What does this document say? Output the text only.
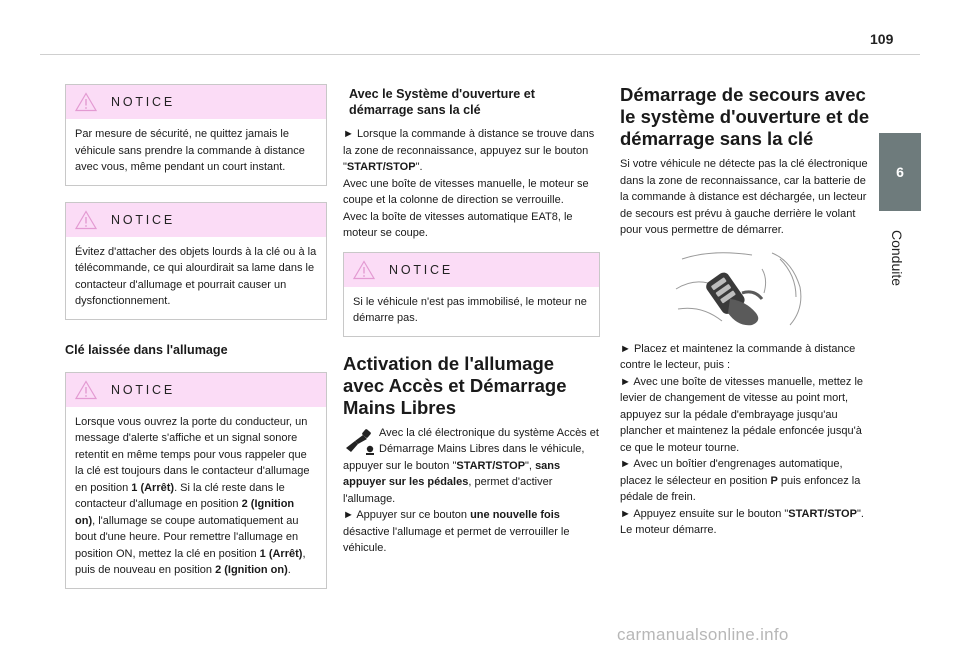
109
6
Conduite
NOTICE
Par mesure de sécurité, ne quittez jamais le véhicule sans prendre la commande à distance avec vous, même pendant un court instant.
NOTICE
Évitez d'attacher des objets lourds à la clé ou à la télécommande, ce qui alourdirait sa lame dans le contacteur d'allumage et pourrait causer un dysfonctionnement.
Clé laissée dans l'allumage
NOTICE
Lorsque vous ouvrez la porte du conducteur, un message d'alerte s'affiche et un signal sonore retentit en même temps pour vous rappeler que la clé est toujours dans le contacteur d'allumage en position 1 (Arrêt). Si la clé reste dans le contacteur d'allumage en position 2 (Ignition on), l'allumage se coupe automatiquement au bout d'une heure. Pour remettre l'allumage en position ON, mettez la clé en position 1 (Arrêt), puis de nouveau en position 2 (Ignition on).
Avec le Système d'ouverture et démarrage sans la clé

► Lorsque la commande à distance se trouve dans la zone de reconnaissance, appuyez sur le bouton "START/STOP".

Avec une boîte de vitesses manuelle, le moteur se coupe et la colonne de direction se verrouille.

Avec la boîte de vitesses automatique EAT8, le moteur se coupe.

NOTICE
Si le véhicule n'est pas immobilisé, le moteur ne démarre pas.
Activation de l'allumage avec Accès et Démarrage Mains Libres

Avec la clé électronique du système Accès et Démarrage Mains Libres dans le véhicule, appuyer sur le bouton "START/STOP", sans appuyer sur les pédales, permet d'activer l'allumage.

► Appuyer sur ce bouton une nouvelle fois désactive l'allumage et permet de verrouiller le véhicule.

Démarrage de secours avec le système d'ouverture et de démarrage sans la clé

Si votre véhicule ne détecte pas la clé électronique dans la zone de reconnaissance, car la batterie de la commande à distance est déchargée, un lecteur de secours est prévu à gauche derrière le volant pour vous permettre de démarrer.

► Placez et maintenez la commande à distance contre le lecteur, puis :

► Avec une boîte de vitesses manuelle, mettez le levier de changement de vitesse au point mort, appuyez sur la pédale d'embrayage jusqu'au plancher et maintenez la pédale enfoncée jusqu'à ce que le moteur tourne.

► Avec un boîtier d'engrenages automatique, placez le sélecteur en position P puis enfoncez la pédale de frein.

► Appuyez ensuite sur le bouton "START/STOP".

Le moteur démarre.

carmanualsonline.info
